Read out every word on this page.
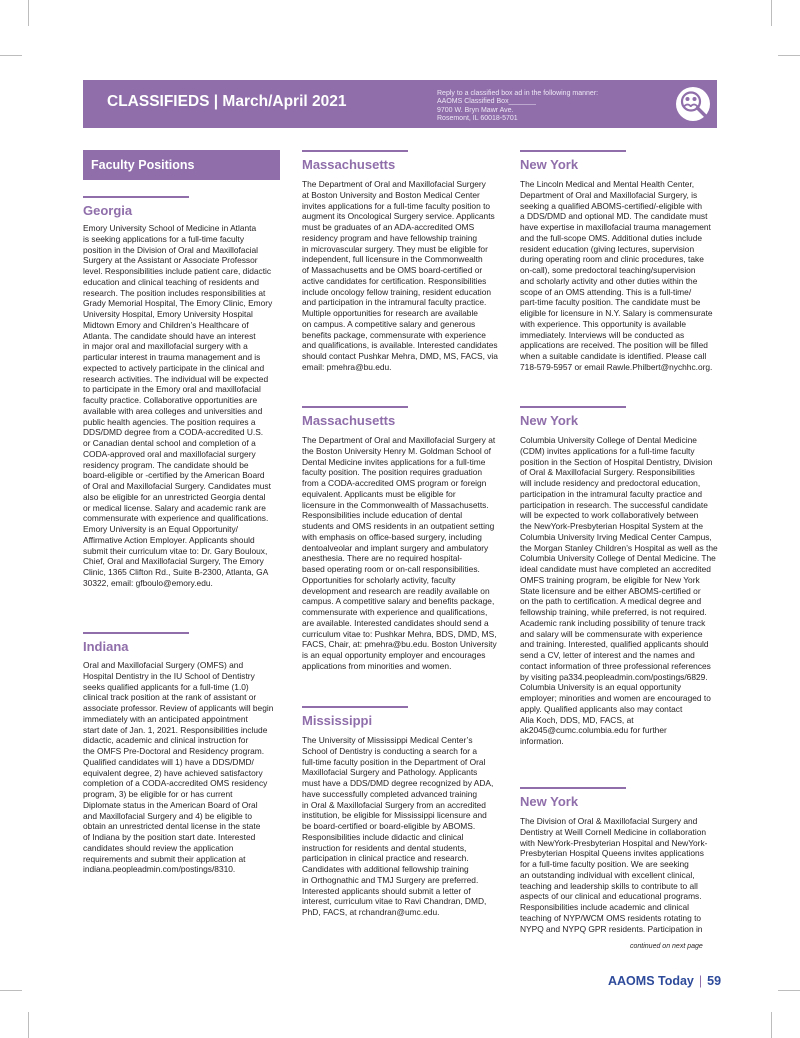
CLASSIFIEDS | March/April 2021	Reply to a classified box ad in the following manner:
AAOMS Classified Box_______
9700 W. Bryn Mawr Ave.
Rosemont, IL 60018-5701
Faculty Positions
Georgia
Emory University School of Medicine in Atlanta
is seeking applications for a full-time faculty
position in the Division of Oral and Maxillofacial
Surgery at the Assistant or Associate Professor
level. Responsibilities include patient care, didactic
education and clinical teaching of residents and
research. The position includes responsibilities at
Grady Memorial Hospital, The Emory Clinic, Emory
University Hospital, Emory University Hospital
Midtown Emory and Children’s Healthcare of
Atlanta. The candidate should have an interest
in major oral and maxillofacial surgery with a
particular interest in trauma management and is
expected to actively participate in the clinical and
research activities. The individual will be expected
to participate in the Emory oral and maxillofacial
faculty practice. Collaborative opportunities are
available with area colleges and universities and
public health agencies. The position requires a
DDS/DMD degree from a CODA-accredited U.S.
or Canadian dental school and completion of a
CODA-approved oral and maxillofacial surgery
residency program. The candidate should be
board-eligible or -certified by the American Board
of Oral and Maxillofacial Surgery. Candidates must
also be eligible for an unrestricted Georgia dental
or medical license. Salary and academic rank are
commensurate with experience and qualifications.
Emory University is an Equal Opportunity/
Affirmative Action Employer. Applicants should
submit their curriculum vitae to: Dr. Gary Bouloux,
Chief, Oral and Maxillofacial Surgery, The Emory
Clinic, 1365 Clifton Rd., Suite B-2300, Atlanta, GA
30322, email: gfboulo@emory.edu.
Indiana
Oral and Maxillofacial Surgery (OMFS) and
Hospital Dentistry in the IU School of Dentistry
seeks qualified applicants for a full-time (1.0)
clinical track position at the rank of assistant or
associate professor. Review of applicants will begin
immediately with an anticipated appointment
start date of Jan. 1, 2021. Responsibilities include
didactic, academic and clinical instruction for
the OMFS Pre-Doctoral and Residency program.
Qualified candidates will 1) have a DDS/DMD/
equivalent degree, 2) have achieved satisfactory
completion of a CODA-accredited OMS residency
program, 3) be eligible for or has current
Diplomate status in the American Board of Oral
and Maxillofacial Surgery and 4) be eligible to
obtain an unrestricted dental license in the state
of Indiana by the position start date. Interested
candidates should review the application
requirements and submit their application at
indiana.peopleadmin.com/postings/8310.
Massachusetts
The Department of Oral and Maxillofacial Surgery
at Boston University and Boston Medical Center
invites applications for a full-time faculty position to
augment its Oncological Surgery service. Applicants
must be graduates of an ADA-accredited OMS
residency program and have fellowship training
in microvascular surgery. They must be eligible for
independent, full licensure in the Commonwealth
of Massachusetts and be OMS board-certified or
active candidates for certification. Responsibilities
include oncology fellow training, resident education
and participation in the intramural faculty practice.
Multiple opportunities for research are available
on campus. A competitive salary and generous
benefits package, commensurate with experience
and qualifications, is available. Interested candidates
should contact Pushkar Mehra, DMD, MS, FACS, via
email: pmehra@bu.edu.
Massachusetts
The Department of Oral and Maxillofacial Surgery at
the Boston University Henry M. Goldman School of
Dental Medicine invites applications for a full-time
faculty position. The position requires graduation
from a CODA-accredited OMS program or foreign
equivalent. Applicants must be eligible for
licensure in the Commonwealth of Massachusetts.
Responsibilities include education of dental
students and OMS residents in an outpatient setting
with emphasis on office-based surgery, including
dentoalveolar and implant surgery and ambulatory
anesthesia. There are no required hospital-
based operating room or on-call responsibilities.
Opportunities for scholarly activity, faculty
development and research are readily available on
campus. A competitive salary and benefits package,
commensurate with experience and qualifications,
are available. Interested candidates should send a
curriculum vitae to: Pushkar Mehra, BDS, DMD, MS,
FACS, Chair, at: pmehra@bu.edu. Boston University
is an equal opportunity employer and encourages
applications from minorities and women.
Mississippi
The University of Mississippi Medical Center’s
School of Dentistry is conducting a search for a
full-time faculty position in the Department of Oral
Maxillofacial Surgery and Pathology. Applicants
must have a DDS/DMD degree recognized by ADA,
have successfully completed advanced training
in Oral & Maxillofacial Surgery from an accredited
institution, be eligible for Mississippi licensure and
be board-certified or board-eligible by ABOMS.
Responsibilities include didactic and clinical
instruction for residents and dental students,
participation in clinical practice and research.
Candidates with additional fellowship training
in Orthognathic and TMJ Surgery are preferred.
Interested applicants should submit a letter of
interest, curriculum vitae to Ravi Chandran, DMD,
PhD, FACS, at rchandran@umc.edu.
New York
The Lincoln Medical and Mental Health Center,
Department of Oral and Maxillofacial Surgery, is
seeking a qualified ABOMS-certified/-eligible with
a DDS/DMD and optional MD. The candidate must
have expertise in maxillofacial trauma management
and the full-scope OMS. Additional duties include
resident education (giving lectures, supervision
during operating room and clinic procedures, take
on-call), some predoctoral teaching/supervision
and scholarly activity and other duties within the
scope of an OMS attending. This is a full-time/
part-time faculty position. The candidate must be
eligible for licensure in N.Y. Salary is commensurate
with experience. This opportunity is available
immediately. Interviews will be conducted as
applications are received. The position will be filled
when a suitable candidate is identified. Please call
718-579-5957 or email Rawle.Philbert@nychhc.org.
New York
Columbia University College of Dental Medicine
(CDM) invites applications for a full-time faculty
position in the Section of Hospital Dentistry, Division
of Oral & Maxillofacial Surgery. Responsibilities
will include residency and predoctoral education,
participation in the intramural faculty practice and
participation in research. The successful candidate
will be expected to work collaboratively between
the NewYork-Presbyterian Hospital System at the
Columbia University Irving Medical Center Campus,
the Morgan Stanley Children’s Hospital as well as the
Columbia University College of Dental Medicine. The
ideal candidate must have completed an accredited
OMFS training program, be eligible for New York
State licensure and be either ABOMS-certified or
on the path to certification. A medical degree and
fellowship training, while preferred, is not required.
Academic rank including possibility of tenure track
and salary will be commensurate with experience
and training. Interested, qualified applicants should
send a CV, letter of interest and the names and
contact information of three professional references
by visiting pa334.peopleadmin.com/postings/6829.
Columbia University is an equal opportunity
employer; minorities and women are encouraged to
apply. Qualified applicants also may contact
Alia Koch, DDS, MD, FACS, at
ak2045@cumc.columbia.edu for further
information.
New York
The Division of Oral & Maxillofacial Surgery and
Dentistry at Weill Cornell Medicine in collaboration
with NewYork-Presbyterian Hospital and NewYork-
Presbyterian Hospital Queens invites applications
for a full-time faculty position. We are seeking
an outstanding individual with excellent clinical,
teaching and leadership skills to contribute to all
aspects of our clinical and educational programs.
Responsibilities include academic and clinical
teaching of NYP/WCM OMS residents rotating to
NYPQ and NYPQ GPR residents. Participation in
continued on next page
AAOMS Today | 59
